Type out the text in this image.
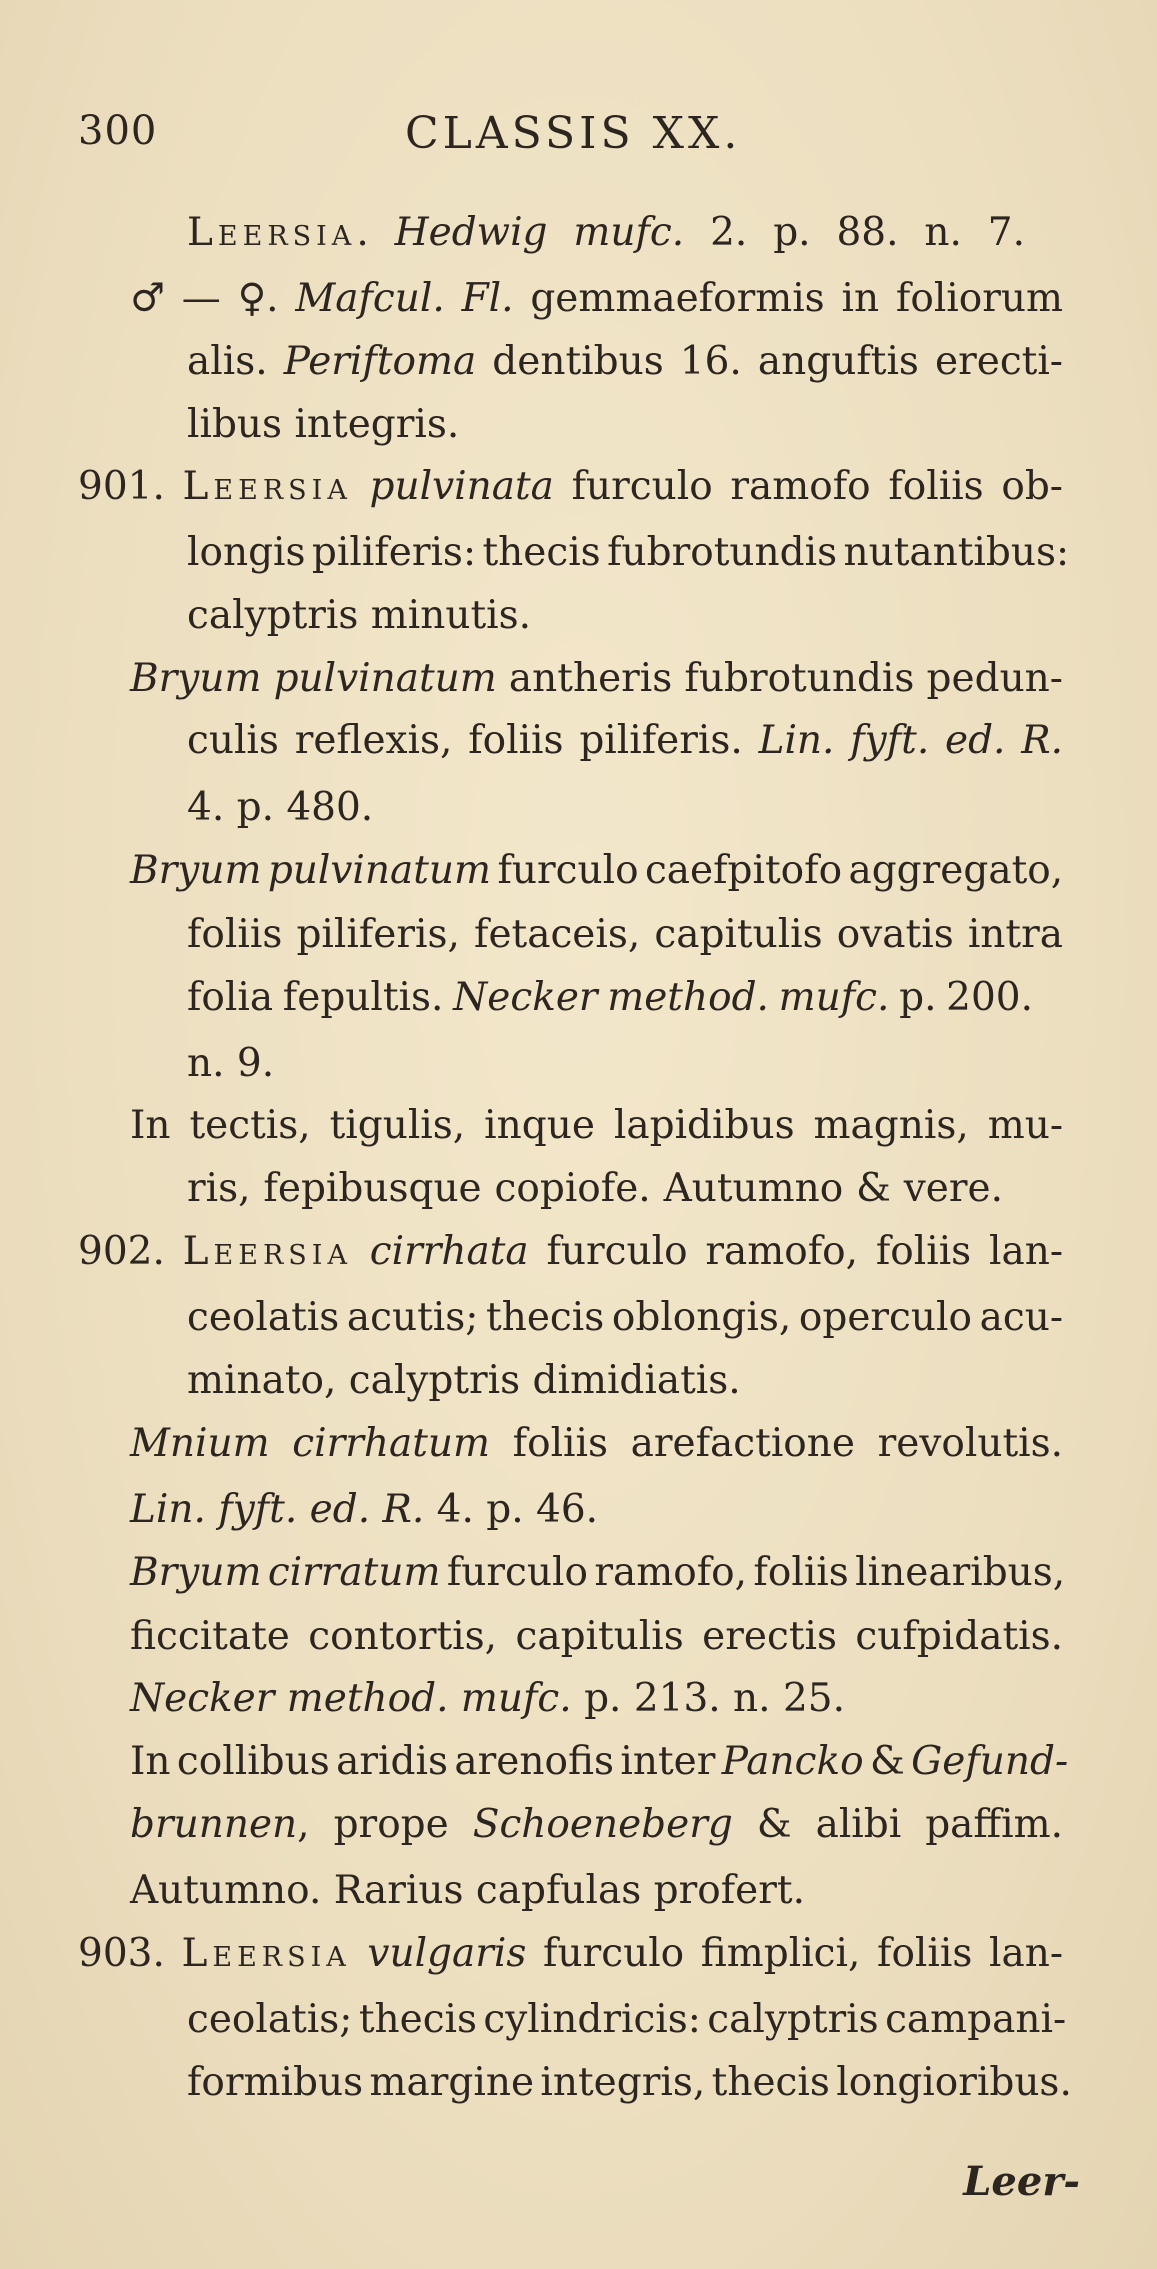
300	CLASSIS XX.
Leersia. Hedwig mufc. 2. p. 88. n. 7.
♂ — ♀. Mafcul. Fl. gemmaeformis in foliorum
alis. Periftoma dentibus 16. anguftis erecti-
libus integris.
901. Leersia pulvinata furculo ramofo foliis ob-
longis piliferis: thecis fubrotundis nutantibus:
calyptris minutis.
Bryum pulvinatum antheris fubrotundis pedun-
culis reflexis, foliis piliferis. Lin. fyft. ed. R.
4. p. 480.
Bryum pulvinatum furculo caefpitofo aggregato,
foliis piliferis, fetaceis, capitulis ovatis intra
folia fepultis. Necker method. mufc. p. 200.
n. 9.
In tectis, tigulis, inque lapidibus magnis, mu-
ris, fepibusque copiofe. Autumno & vere.
902. Leersia cirrhata furculo ramofo, foliis lan-
ceolatis acutis; thecis oblongis, operculo acu-
minato, calyptris dimidiatis.
Mnium cirrhatum foliis arefactione revolutis.
Lin. fyft. ed. R. 4. p. 46.
Bryum cirratum furculo ramofo, foliis linearibus,
ficcitate contortis, capitulis erectis cufpidatis.
Necker method. mufc. p. 213. n. 25.
In collibus aridis arenofis inter Pancko & Gefund-
brunnen, prope Schoeneberg & alibi paffim.
Autumno. Rarius capfulas profert.
903. Leersia vulgaris furculo fimplici, foliis lan-
ceolatis; thecis cylindricis: calyptris campani-
formibus margine integris, thecis longioribus.
Leer-
